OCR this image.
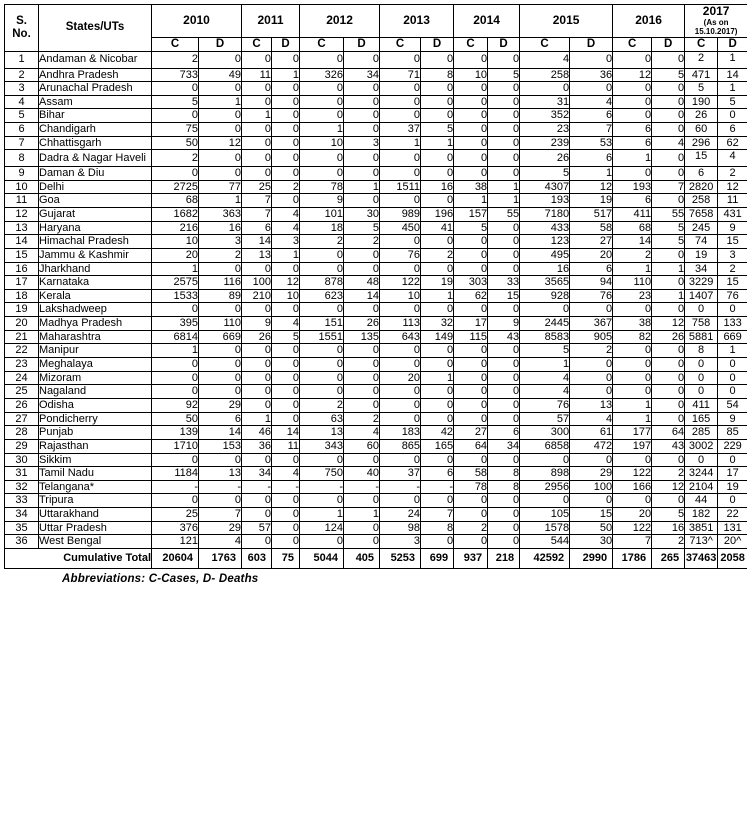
S.
No.	States/UTs	2010		2011		2012		2013		2014		2015		2016		2017
(As on
15.10.2017)	

		C	D	C	D	C	D	C	D	C	D	C	D	C	D	C	D
1	Andaman & Nicobar	2	0	0	0	0	0	0	0	0	0	4	0	0	0	2	1
2	Andhra Pradesh	733	49	11	1	326	34	71	8	10	5	258	36	12	5	471	14
3	Arunachal Pradesh	0	0	0	0	0	0	0	0	0	0	0	0	0	0	5	1
4	Assam	5	1	0	0	0	0	0	0	0	0	31	4	0	0	190	5
5	Bihar	0	0	1	0	0	0	0	0	0	0	352	6	0	0	26	0
6	Chandigarh	75	0	0	0	1	0	37	5	0	0	23	7	6	0	60	6
7	Chhattisgarh	50	12	0	0	10	3	1	1	0	0	239	53	6	4	296	62
8	Dadra & Nagar Haveli	2	0	0	0	0	0	0	0	0	0	26	6	1	0	15	4
9	Daman & Diu	0	0	0	0	0	0	0	0	0	0	5	1	0	0	6	2
10	Delhi	2725	77	25	2	78	1	1511	16	38	1	4307	12	193	7	2820	12
11	Goa	68	1	7	0	9	0	0	0	1	1	193	19	6	0	258	11
12	Gujarat	1682	363	7	4	101	30	989	196	157	55	7180	517	411	55	7658	431
13	Haryana	216	16	6	4	18	5	450	41	5	0	433	58	68	5	245	9
14	Himachal Pradesh	10	3	14	3	2	2	0	0	0	0	123	27	14	5	74	15
15	Jammu & Kashmir	20	2	13	1	0	0	76	2	0	0	495	20	2	0	19	3
16	Jharkhand	1	0	0	0	0	0	0	0	0	0	16	6	1	1	34	2
17	Karnataka	2575	116	100	12	878	48	122	19	303	33	3565	94	110	0	3229	15
18	Kerala	1533	89	210	10	623	14	10	1	62	15	928	76	23	1	1407	76
19	Lakshadweep	0	0	0	0	0	0	0	0	0	0	0	0	0	0	0	0
20	Madhya Pradesh	395	110	9	4	151	26	113	32	17	9	2445	367	38	12	758	133
21	Maharashtra	6814	669	26	5	1551	135	643	149	115	43	8583	905	82	26	5881	669
22	Manipur	1	0	0	0	0	0	0	0	0	0	5	2	0	0	8	1
23	Meghalaya	0	0	0	0	0	0	0	0	0	0	1	0	0	0	0	0
24	Mizoram	0	0	0	0	0	0	20	1	0	0	4	0	0	0	0	0
25	Nagaland	0	0	0	0	0	0	0	0	0	0	4	0	0	0	0	0
26	Odisha	92	29	0	0	2	0	0	0	0	0	76	13	1	0	411	54
27	Pondicherry	50	6	1	0	63	2	0	0	0	0	57	4	1	0	165	9
28	Punjab	139	14	46	14	13	4	183	42	27	6	300	61	177	64	285	85
29	Rajasthan	1710	153	36	11	343	60	865	165	64	34	6858	472	197	43	3002	229
30	Sikkim	0	0	0	0	0	0	0	0	0	0	0	0	0	0	0	0
31	Tamil Nadu	1184	13	34	4	750	40	37	6	58	8	898	29	122	2	3244	17
32	Telangana*	-	-	-	-	-	-	-	-	78	8	2956	100	166	12	2104	19
33	Tripura	0	0	0	0	0	0	0	0	0	0	0	0	0	0	44	0
34	Uttarakhand	25	7	0	0	1	1	24	7	0	0	105	15	20	5	182	22
35	Uttar Pradesh	376	29	57	0	124	0	98	8	2	0	1578	50	122	16	3851	131
36	West Bengal	121	4	0	0	0	0	3	0	0	0	544	30	7	2	713^	20^
Cumulative Total		20604	1763	603	75	5044	405	5253	699	937	218	42592	2990	1786	265	37463	2058
Abbreviations: C-Cases, D- Deaths
